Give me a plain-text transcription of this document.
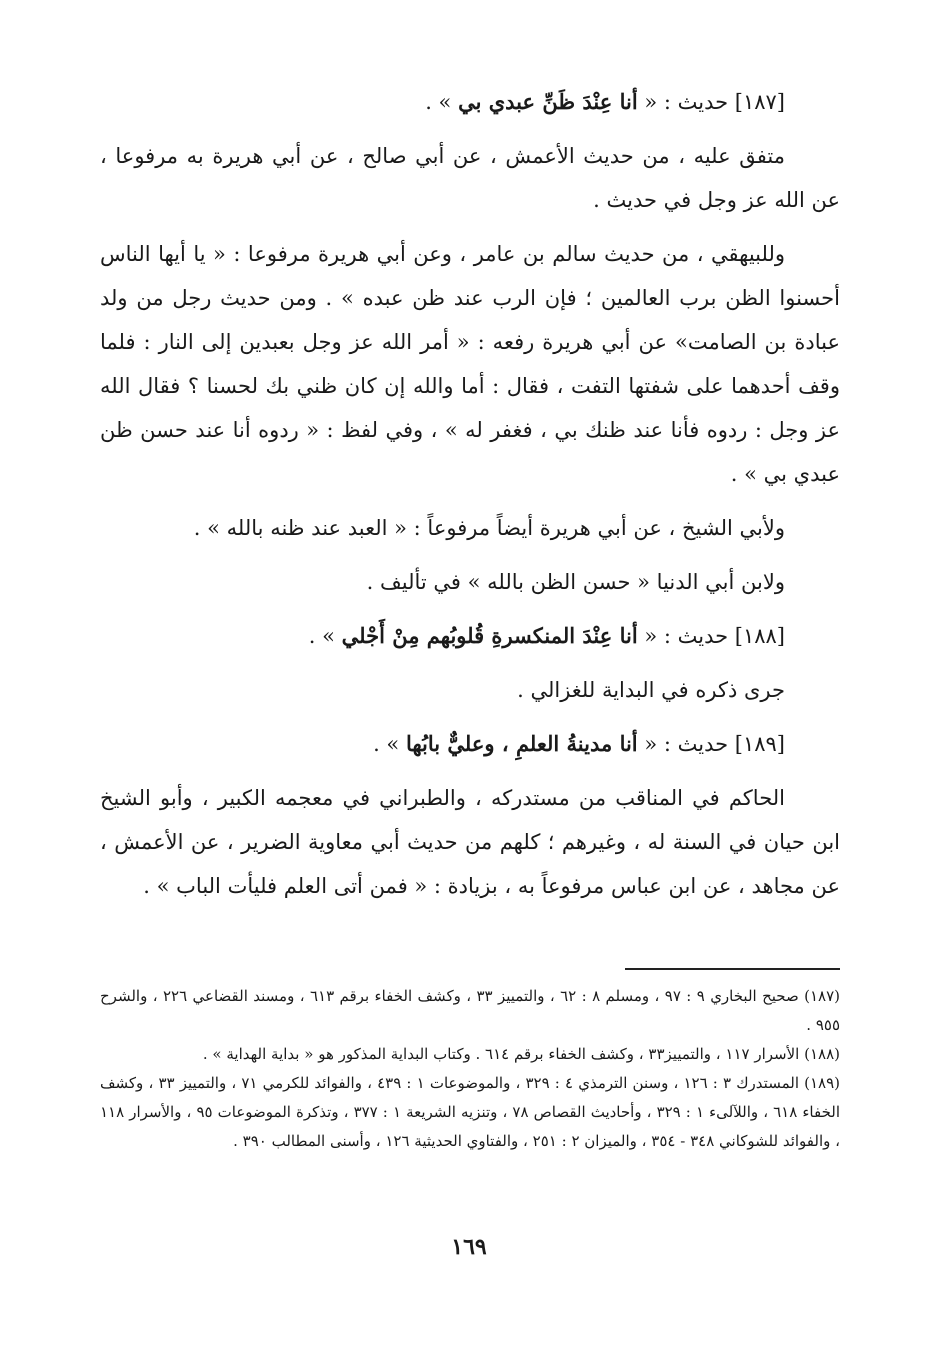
[١٨٧] حديث : « أنا عِنْدَ ظَنِّ عبدي بي » .

متفق عليه ، من حديث الأعمش ، عن أبي صالح ، عن أبي هريرة به مرفوعا ، عن الله عز وجل في حديث .

وللبيهقي ، من حديث سالم بن عامر ، وعن أبي هريرة مرفوعا : « يا أيها الناس أحسنوا الظن برب العالمين ؛ فإن الرب عند ظن عبده » . ومن حديث رجل من ولد عبادة بن الصامت» عن أبي هريرة رفعه : « أمر الله عز وجل بعبدين إلى النار : فلما وقف أحدهما على شفتها التفت ، فقال : أما والله إن كان ظني بك لحسنا ؟ فقال الله عز وجل : ردوه فأنا عند ظنك بي ، فغفر له » ، وفي لفظ : « ردوه أنا عند حسن ظن عبدي بي » .

ولأبي الشيخ ، عن أبي هريرة أيضاً مرفوعاً : « العبد عند ظنه بالله » .

ولابن أبي الدنيا « حسن الظن بالله » في تأليف .

[١٨٨] حديث : « أنا عِنْدَ المنكسرةِ قُلوبُهم مِنْ أَجْلي » .

جرى ذكره في البداية للغزالي .

[١٨٩] حديث : « أنا مدينةُ العلمِ ، وعليٌّ بابُها » .

الحاكم في المناقب من مستدركه ، والطبراني في معجمه الكبير ، وأبو الشيخ ابن حيان في السنة له ، وغيرهم ؛ كلهم من حديث أبي معاوية الضرير ، عن الأعمش ، عن مجاهد ، عن ابن عباس مرفوعاً به ، بزيادة : « فمن أتى العلم فليأت الباب » .

(١٨٧) صحيح البخاري ٩ : ٩٧ ، ومسلم ٨ : ٦٢ ، والتمييز ٣٣ ، وكشف الخفاء برقم ٦١٣ ، ومسند القضاعي ٢٢٦ ، والشرح ٩٥٥ .

(١٨٨) الأسرار ١١٧ ، والتمييز٣٣ ، وكشف الخفاء برقم ٦١٤ . وكتاب البداية المذكور هو « بداية الهداية » .

(١٨٩) المستدرك ٣ : ١٢٦ ، وسنن الترمذي ٤ : ٣٢٩ ، والموضوعات ١ : ٤٣٩ ، والفوائد للكرمي ٧١ ، والتمييز ٣٣ ، وكشف الخفاء ٦١٨ ، واللآلىء ١ : ٣٢٩ ، وأحاديث القصاص ٧٨ ، وتنزيه الشريعة ١ : ٣٧٧ ، وتذكرة الموضوعات ٩٥ ، والأسرار ١١٨ ، والفوائد للشوكاني ٣٤٨ - ٣٥٤ ، والميزان ٢ : ٢٥١ ، والفتاوي الحديثية ١٢٦ ، وأسنى المطالب ٣٩٠ .

١٦٩
